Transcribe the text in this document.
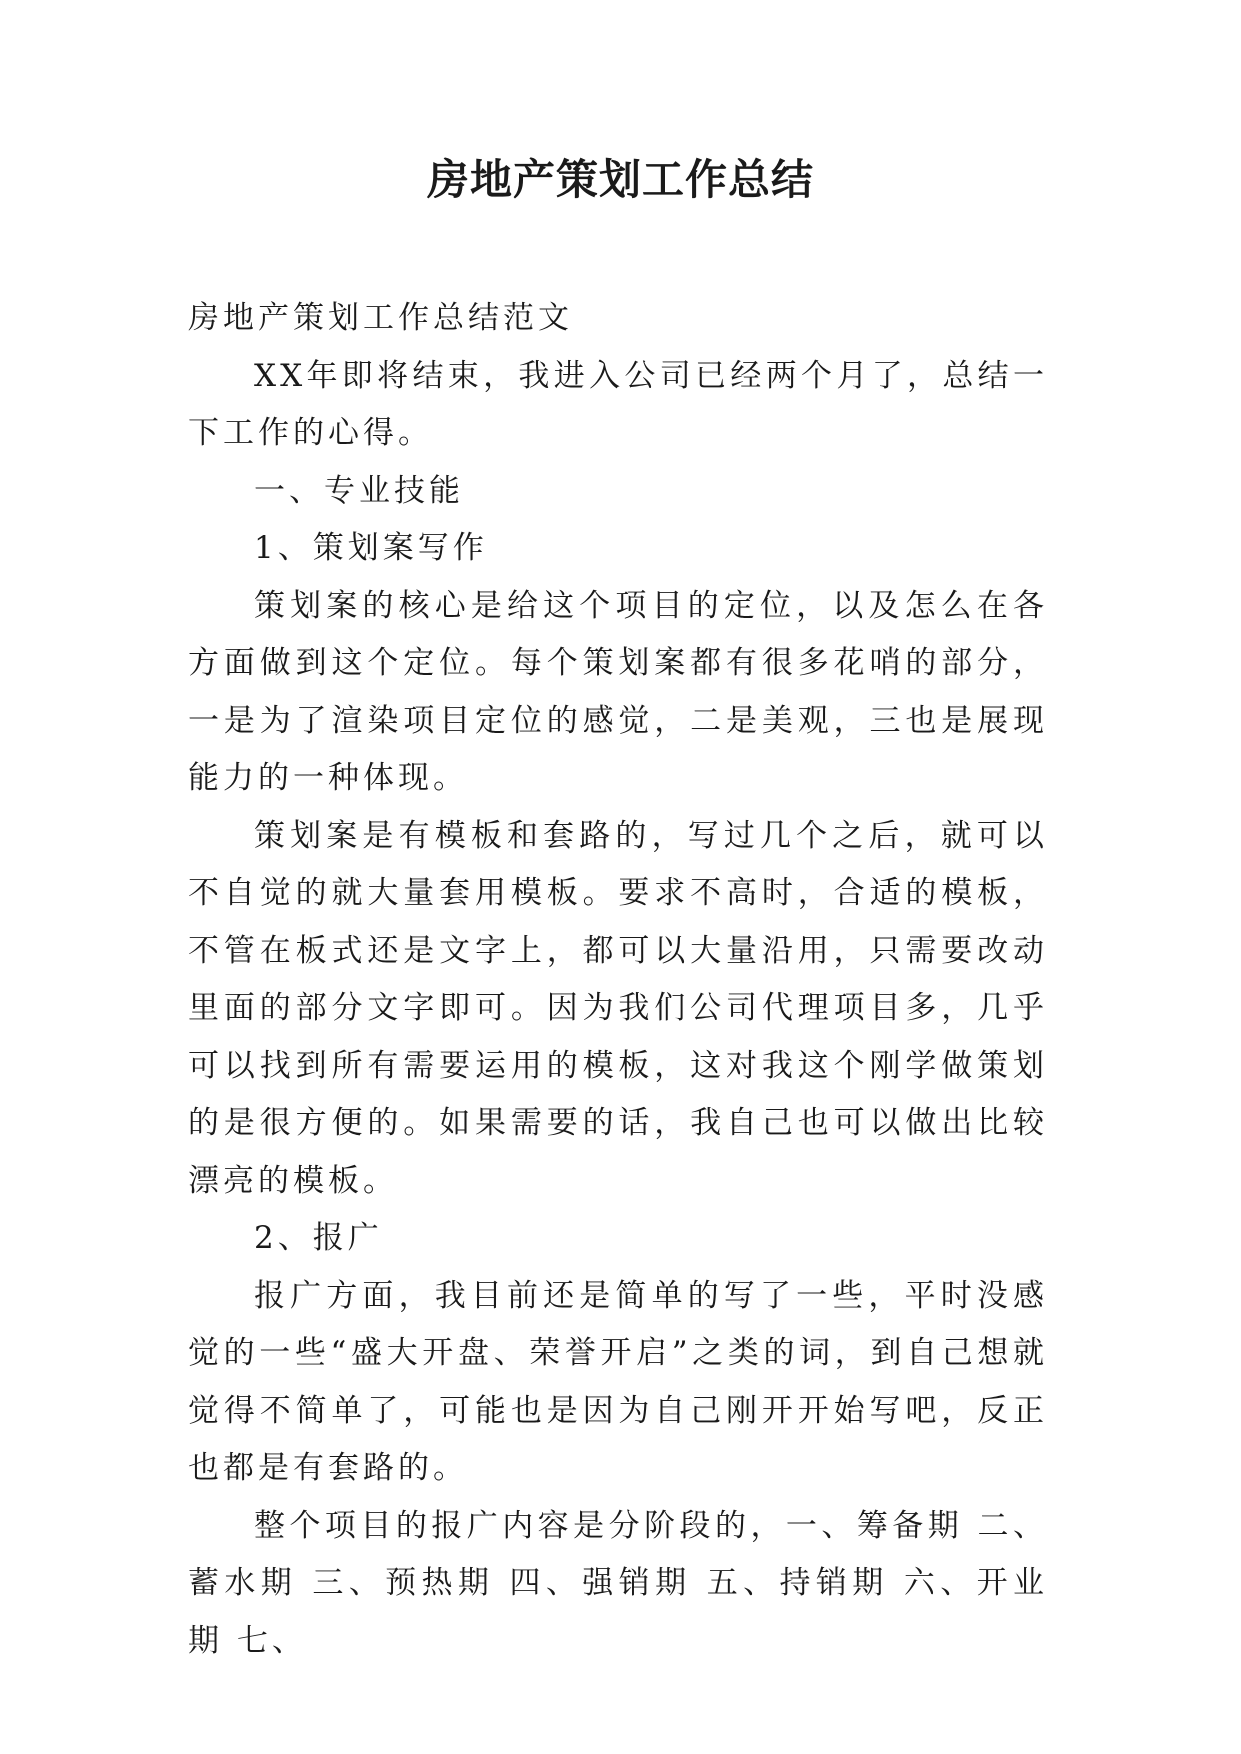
房地产策划工作总结

房地产策划工作总结范文

XX年即将结束，我进入公司已经两个月了，总结一下工作的心得。

一、专业技能

1、策划案写作

策划案的核心是给这个项目的定位，以及怎么在各方面做到这个定位。每个策划案都有很多花哨的部分，一是为了渲染项目定位的感觉，二是美观，三也是展现能力的一种体现。

策划案是有模板和套路的，写过几个之后，就可以不自觉的就大量套用模板。要求不高时，合适的模板，不管在板式还是文字上，都可以大量沿用，只需要改动里面的部分文字即可。因为我们公司代理项目多，几乎可以找到所有需要运用的模板，这对我这个刚学做策划的是很方便的。如果需要的话，我自己也可以做出比较漂亮的模板。

2、报广

报广方面，我目前还是简单的写了一些，平时没感觉的一些“盛大开盘、荣誉开启”之类的词，到自己想就觉得不简单了，可能也是因为自己刚开开始写吧，反正也都是有套路的。

整个项目的报广内容是分阶段的，一、筹备期 二、蓄水期 三、预热期 四、强销期 五、持销期 六、开业期 七、
